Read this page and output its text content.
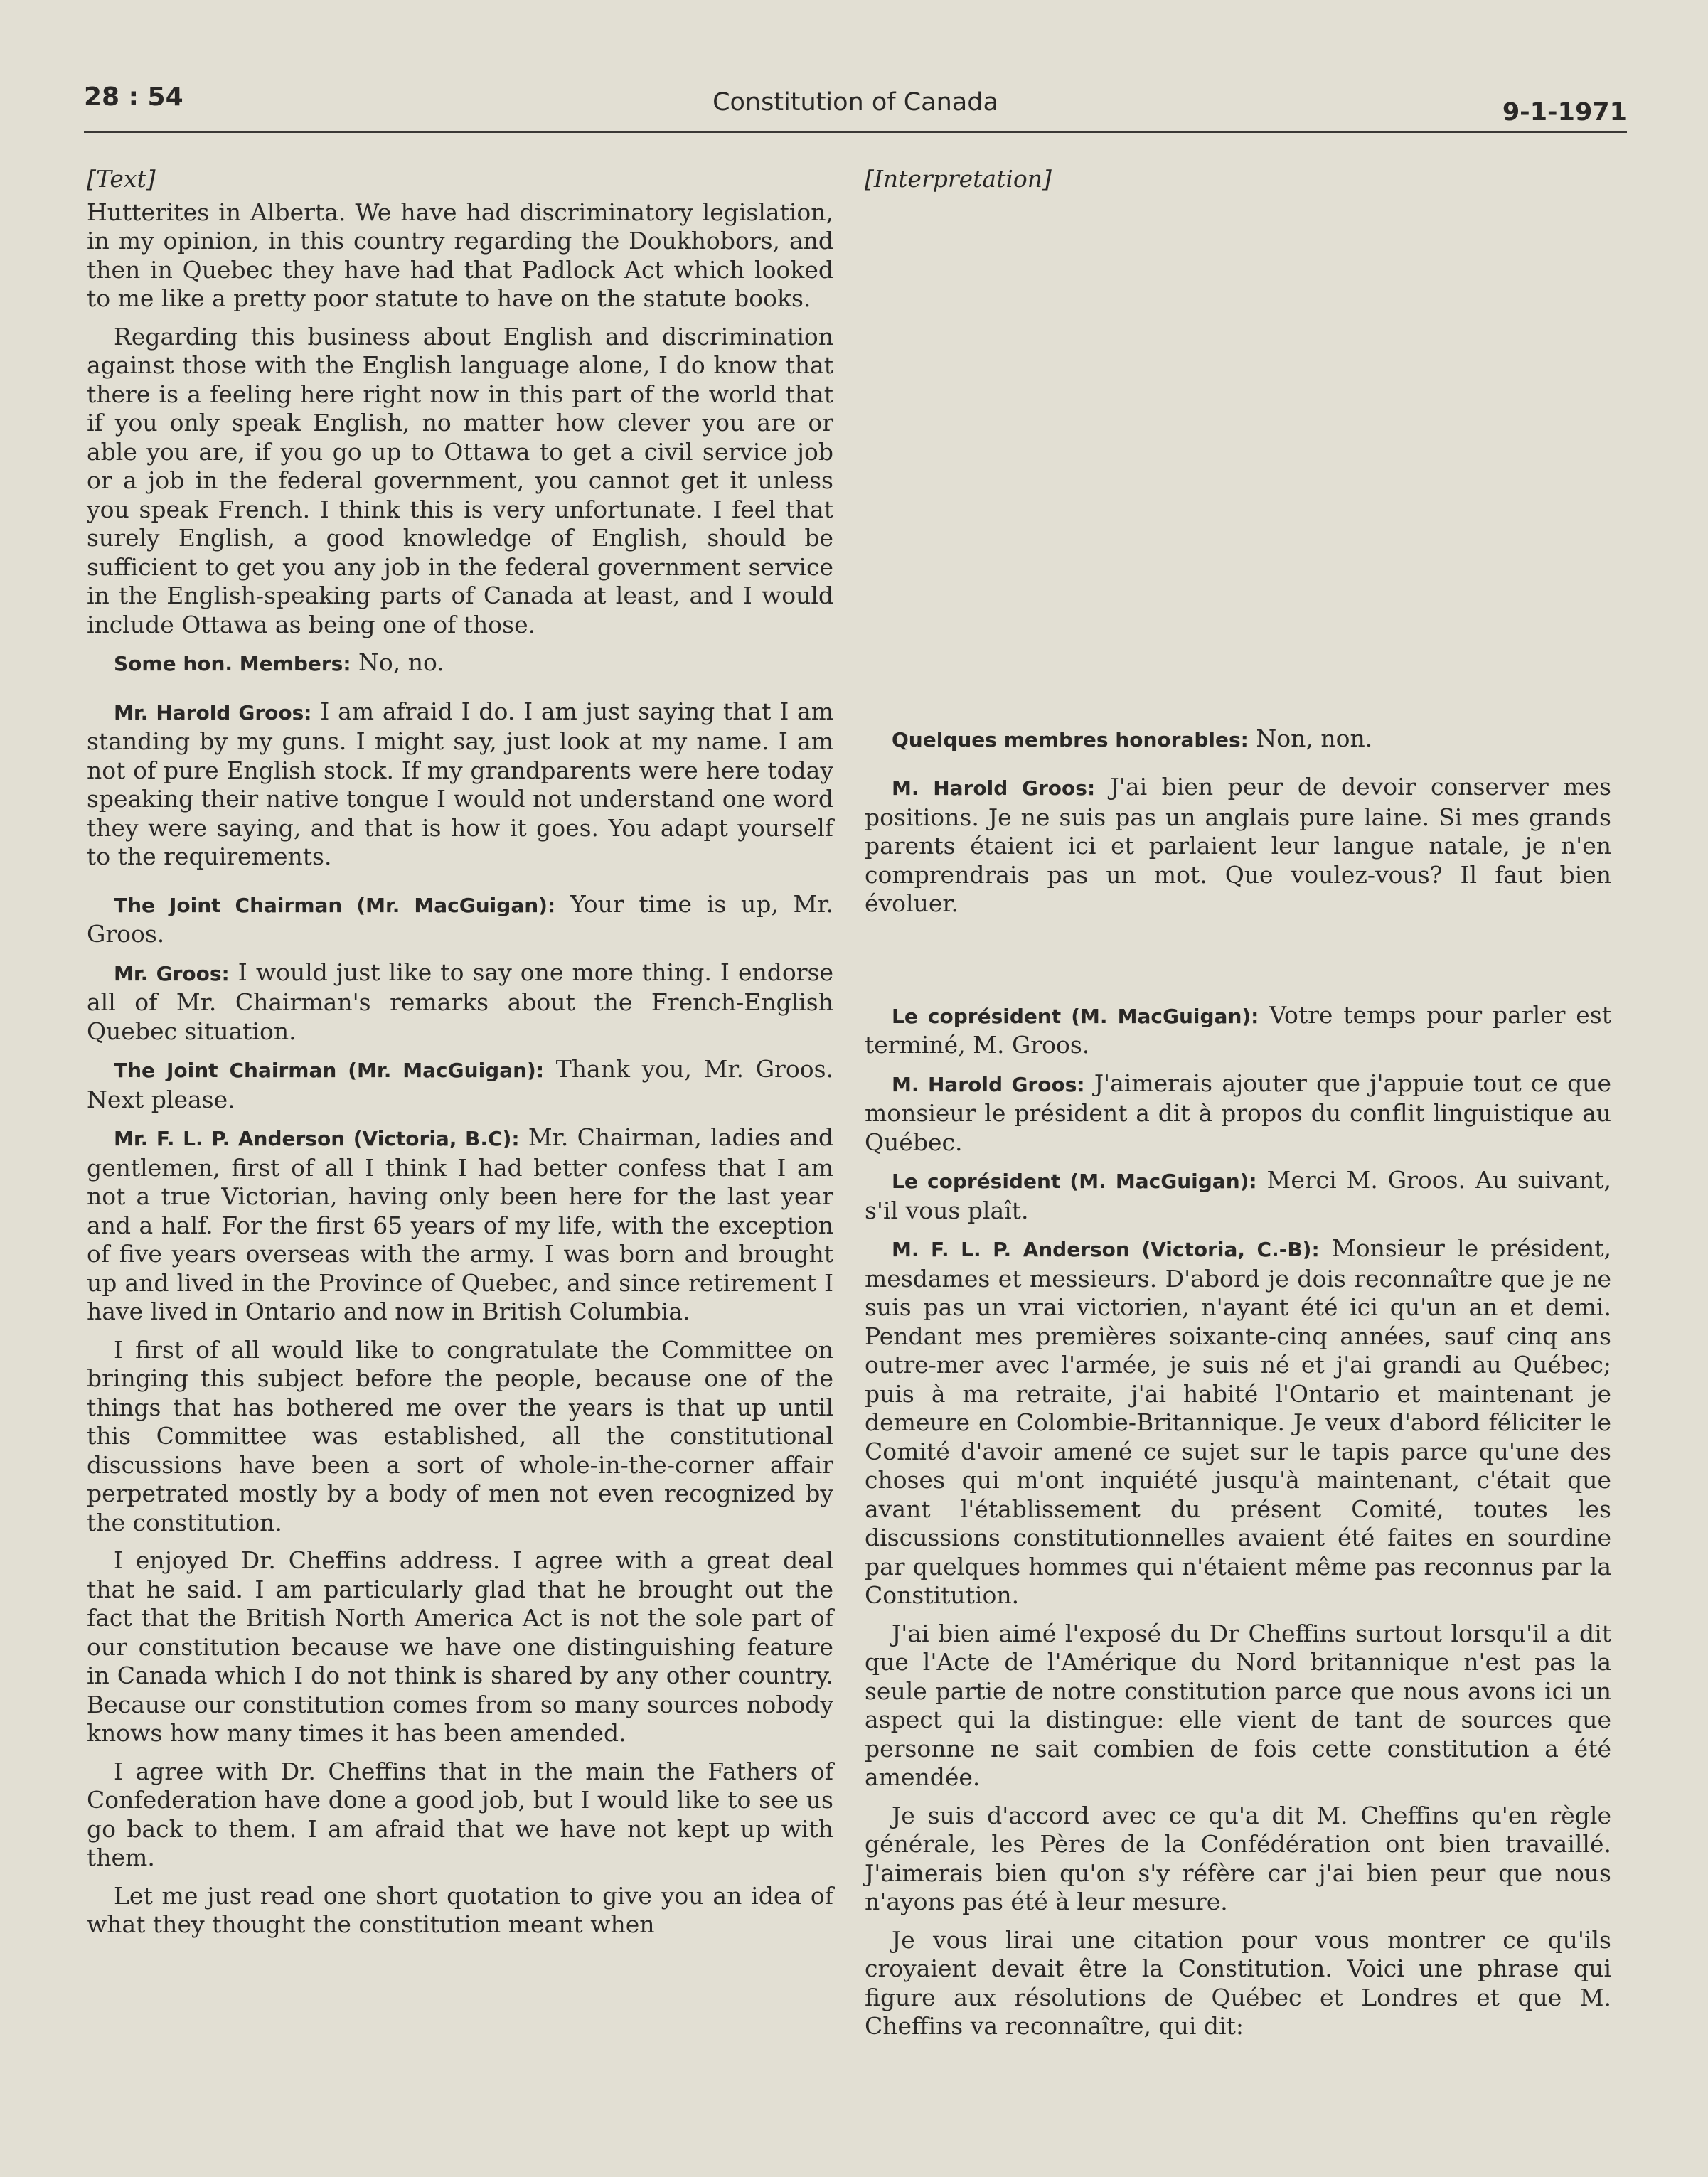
28 : 54	Constitution of Canada	9-1-1971
[Text]

Hutterites in Alberta. We have had discriminatory legislation, in my opinion, in this country regarding the Doukhobors, and then in Quebec they have had that Padlock Act which looked to me like a pretty poor statute to have on the statute books.

Regarding this business about English and discrimination against those with the English language alone, I do know that there is a feeling here right now in this part of the world that if you only speak English, no matter how clever you are or able you are, if you go up to Ottawa to get a civil service job or a job in the federal government, you cannot get it unless you speak French. I think this is very unfortunate. I feel that surely English, a good knowledge of English, should be sufficient to get you any job in the federal government service in the English-speaking parts of Canada at least, and I would include Ottawa as being one of those.

Some hon. Members: No, no.

Mr. Harold Groos: I am afraid I do. I am just saying that I am standing by my guns. I might say, just look at my name. I am not of pure English stock. If my grandparents were here today speaking their native tongue I would not understand one word they were saying, and that is how it goes. You adapt yourself to the requirements.

The Joint Chairman (Mr. MacGuigan): Your time is up, Mr. Groos.

Mr. Groos: I would just like to say one more thing. I endorse all of Mr. Chairman's remarks about the French-English Quebec situation.

The Joint Chairman (Mr. MacGuigan): Thank you, Mr. Groos. Next please.

Mr. F. L. P. Anderson (Victoria, B.C): Mr. Chairman, ladies and gentlemen, first of all I think I had better confess that I am not a true Victorian, having only been here for the last year and a half. For the first 65 years of my life, with the exception of five years overseas with the army. I was born and brought up and lived in the Province of Quebec, and since retirement I have lived in Ontario and now in British Columbia.

I first of all would like to congratulate the Committee on bringing this subject before the people, because one of the things that has bothered me over the years is that up until this Committee was established, all the constitutional discussions have been a sort of whole-in-the-corner affair perpetrated mostly by a body of men not even recognized by the constitution.

I enjoyed Dr. Cheffins address. I agree with a great deal that he said. I am particularly glad that he brought out the fact that the British North America Act is not the sole part of our constitution because we have one distinguishing feature in Canada which I do not think is shared by any other country. Because our constitution comes from so many sources nobody knows how many times it has been amended.

I agree with Dr. Cheffins that in the main the Fathers of Confederation have done a good job, but I would like to see us go back to them. I am afraid that we have not kept up with them.

Let me just read one short quotation to give you an idea of what they thought the constitution meant when

[Interpretation]

Quelques membres honorables: Non, non.

M. Harold Groos: J'ai bien peur de devoir conserver mes positions. Je ne suis pas un anglais pure laine. Si mes grands parents étaient ici et parlaient leur langue natale, je n'en comprendrais pas un mot. Que voulez-vous? Il faut bien évoluer.

Le coprésident (M. MacGuigan): Votre temps pour parler est terminé, M. Groos.

M. Harold Groos: J'aimerais ajouter que j'appuie tout ce que monsieur le président a dit à propos du conflit linguistique au Québec.

Le coprésident (M. MacGuigan): Merci M. Groos. Au suivant, s'il vous plaît.

M. F. L. P. Anderson (Victoria, C.-B): Monsieur le président, mesdames et messieurs. D'abord je dois reconnaître que je ne suis pas un vrai victorien, n'ayant été ici qu'un an et demi. Pendant mes premières soixante-cinq années, sauf cinq ans outre-mer avec l'armée, je suis né et j'ai grandi au Québec; puis à ma retraite, j'ai habité l'Ontario et maintenant je demeure en Colombie-Britannique. Je veux d'abord féliciter le Comité d'avoir amené ce sujet sur le tapis parce qu'une des choses qui m'ont inquiété jusqu'à maintenant, c'était que avant l'établissement du présent Comité, toutes les discussions constitutionnelles avaient été faites en sourdine par quelques hommes qui n'étaient même pas reconnus par la Constitution.

J'ai bien aimé l'exposé du Dr Cheffins surtout lorsqu'il a dit que l'Acte de l'Amérique du Nord britannique n'est pas la seule partie de notre constitution parce que nous avons ici un aspect qui la distingue: elle vient de tant de sources que personne ne sait combien de fois cette constitution a été amendée.

Je suis d'accord avec ce qu'a dit M. Cheffins qu'en règle générale, les Pères de la Confédération ont bien travaillé. J'aimerais bien qu'on s'y réfère car j'ai bien peur que nous n'ayons pas été à leur mesure.

Je vous lirai une citation pour vous montrer ce qu'ils croyaient devait être la Constitution. Voici une phrase qui figure aux résolutions de Québec et Londres et que M. Cheffins va reconnaître, qui dit:
